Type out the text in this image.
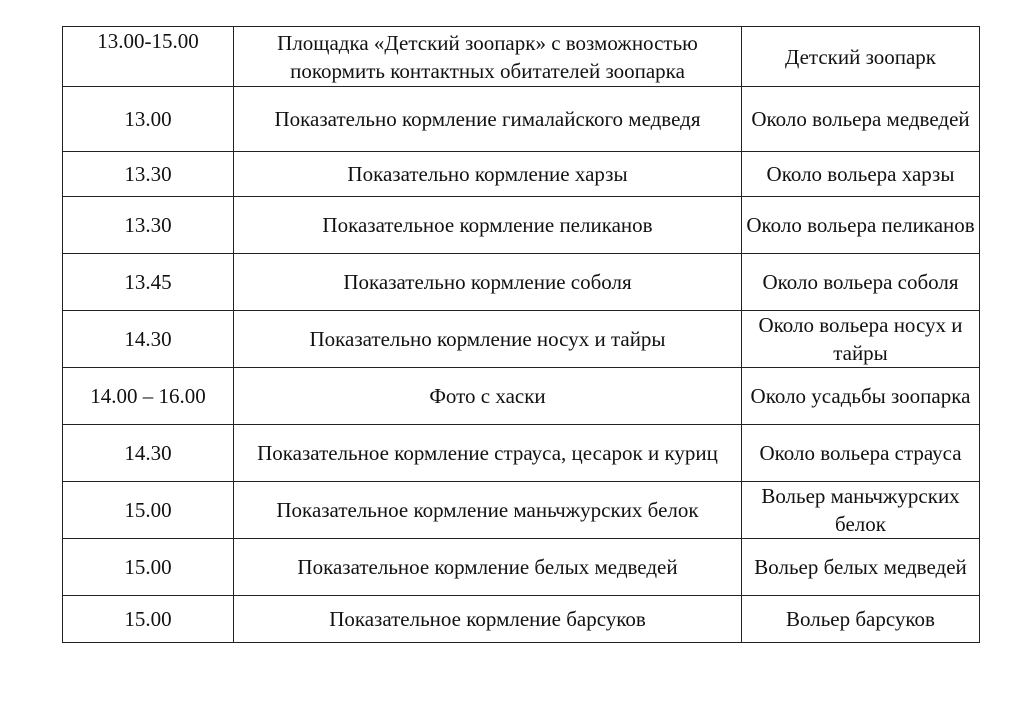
13.00-15.00	Площадка «Детский зоопарк» с возможностью покормить контактных обитателей зоопарка	Детский зоопарк
13.00	Показательно кормление гималайского медведя	Около вольера медведей
13.30	Показательно кормление харзы	Около вольера харзы
13.30	Показательное кормление пеликанов	Около вольера пеликанов
13.45	Показательно кормление соболя	Около вольера соболя
14.30	Показательно кормление носух и тайры	Около вольера носух и тайры
14.00 – 16.00	Фото с хаски	Около усадьбы зоопарка
14.30	Показательное кормление страуса, цесарок и куриц	Около вольера страуса
15.00	Показательное кормление маньчжурских белок	Вольер маньчжурских белок
15.00	Показательное кормление белых медведей	Вольер белых медведей
15.00	Показательное кормление барсуков	Вольер барсуков
